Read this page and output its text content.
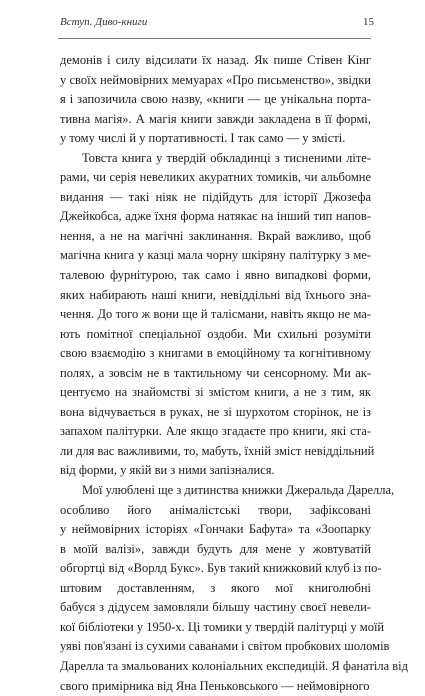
Вступ. Диво-книги	15
демонів і силу відсилати їх назад. Як пише Стівен Кінг
у своїх неймовірних мемуарах «Про письменство», звідки
я і запозичила свою назву, «книги — це унікальна порта-
тивна магія». А магія книги завжди закладена в її формі,
у тому числі й у портативності. І так само — у змісті.
Товста книга у твердій обкладинці з тисненими літе-
рами, чи серія невеликих акуратних томиків, чи альбомне
видання — такі ніяк не підійдуть для історії Джозефа
Джейкобса, адже їхня форма натякає на інший тип напов-
нення, а не на магічні заклинання. Вкрай важливо, щоб
магічна книга у казці мала чорну шкіряну палітурку з ме-
талевою фурнітурою, так само і явно випадкові форми,
яких набирають наші книги, невіддільні від їхнього зна-
чення. До того ж вони ще й талісмани, навіть якщо не ма-
ють помітної спеціальної оздоби. Ми схильні розуміти
свою взаємодію з книгами в емоційному та когнітивному
полях, а зовсім не в тактильному чи сенсорному. Ми ак-
центуємо на знайомстві зі змістом книги, а не з тим, як
вона відчувається в руках, не зі шурхотом сторінок, не із
запахом палітурки. Але якщо згадаєте про книги, які ста-
ли для вас важливими, то, мабуть, їхній зміст невіддільний
від форми, у якій ви з ними запізналися.
Мої улюблені ще з дитинства книжки Джеральда Дарелла,
особливо його анімалістські твори, зафіксовані
у неймовірних історіях «Гончаки Бафута» та «Зоопарку
в моїй валізі», завжди будуть для мене у жовтуватій
обгортці від «Ворлд Букс». Був такий книжковий клуб із по-
штовим доставленням, з якого мої книголюбні
бабуся з дідусем замовляли більшу частину своєї невели-
кої бібліотеки у 1950-х. Ці томики у твердій палітурці у моїй
уяві пов'язані із сухими саванами і світом пробкових шоломів
Дарелла та змальованих колоніальних експедицій. Я фанатіла від
свого примірника від Яна Пеньковського — неймовірного
